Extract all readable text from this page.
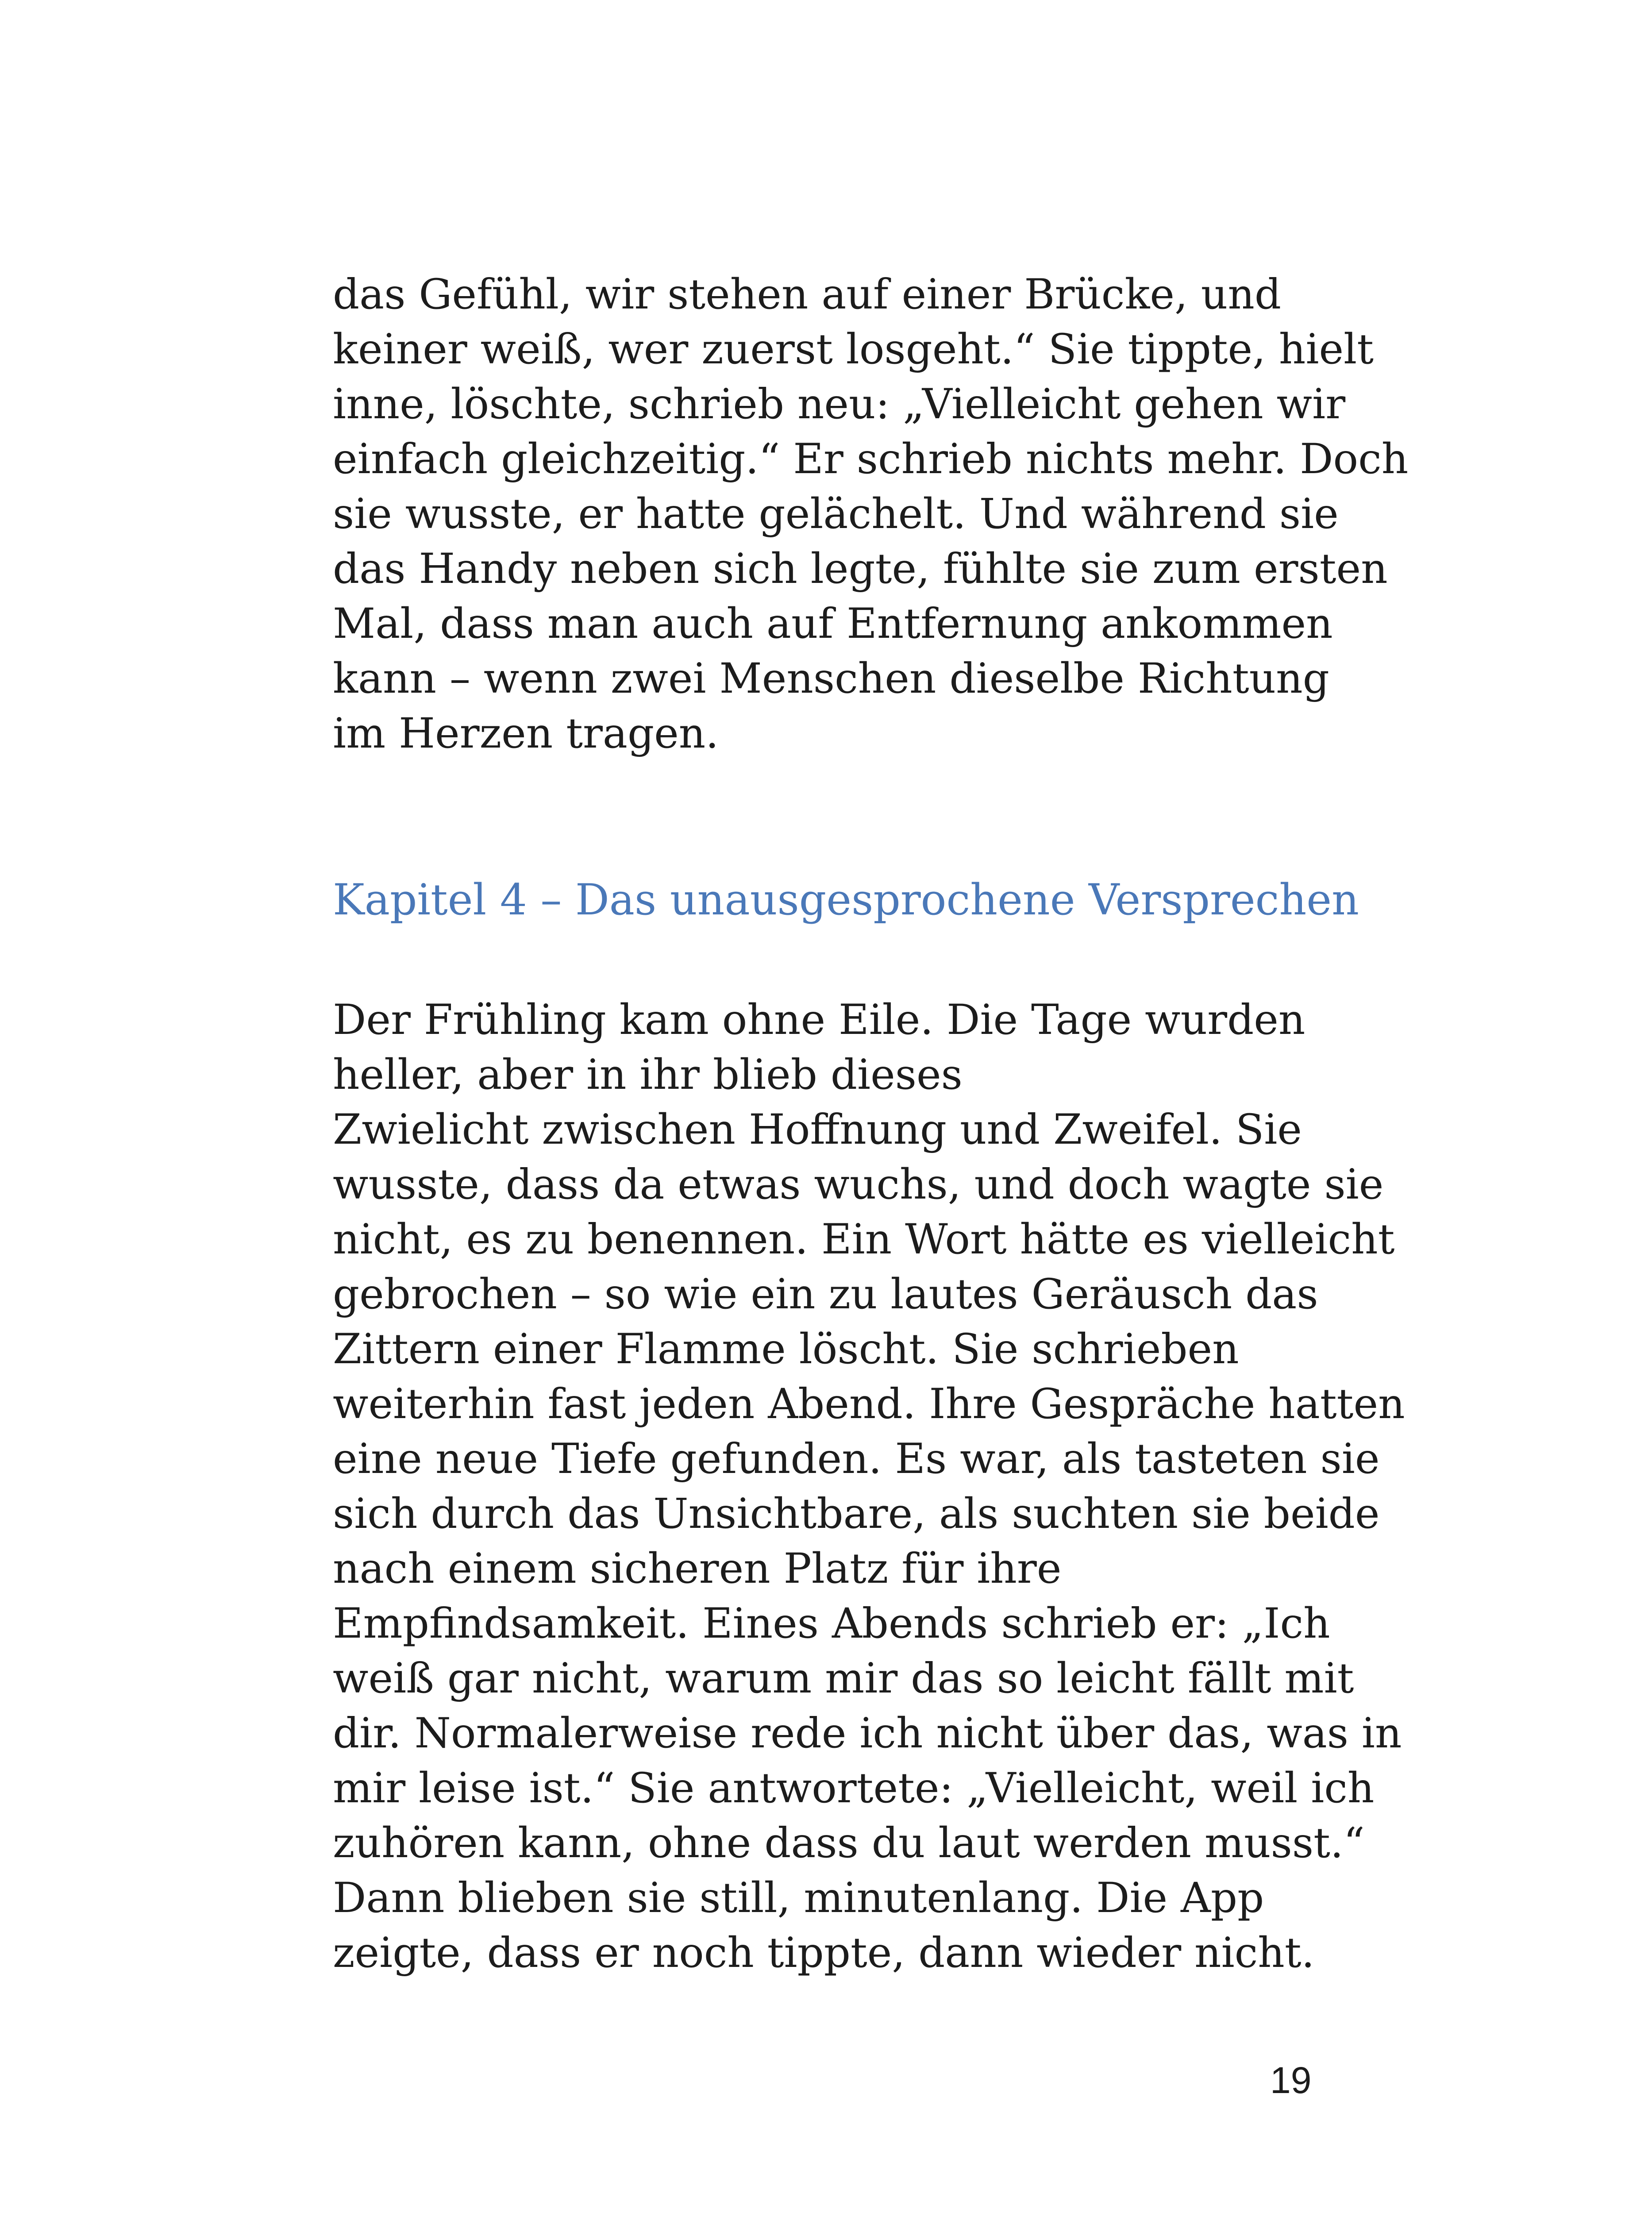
das Gefühl, wir stehen auf einer Brücke, und
keiner weiß, wer zuerst losgeht.“ Sie tippte, hielt
inne, löschte, schrieb neu: „Vielleicht gehen wir
einfach gleichzeitig.“ Er schrieb nichts mehr. Doch
sie wusste, er hatte gelächelt. Und während sie
das Handy neben sich legte, fühlte sie zum ersten
Mal, dass man auch auf Entfernung ankommen
kann – wenn zwei Menschen dieselbe Richtung
im Herzen tragen.
Kapitel 4 – Das unausgesprochene Versprechen
Der Frühling kam ohne Eile. Die Tage wurden
heller, aber in ihr blieb dieses
Zwielicht zwischen Hoffnung und Zweifel. Sie
wusste, dass da etwas wuchs, und doch wagte sie
nicht, es zu benennen. Ein Wort hätte es vielleicht
gebrochen – so wie ein zu lautes Geräusch das
Zittern einer Flamme löscht. Sie schrieben
weiterhin fast jeden Abend. Ihre Gespräche hatten
eine neue Tiefe gefunden. Es war, als tasteten sie
sich durch das Unsichtbare, als suchten sie beide
nach einem sicheren Platz für ihre
Empfindsamkeit. Eines Abends schrieb er: „Ich
weiß gar nicht, warum mir das so leicht fällt mit
dir. Normalerweise rede ich nicht über das, was in
mir leise ist.“ Sie antwortete: „Vielleicht, weil ich
zuhören kann, ohne dass du laut werden musst.“
Dann blieben sie still, minutenlang. Die App
zeigte, dass er noch tippte, dann wieder nicht.
19
